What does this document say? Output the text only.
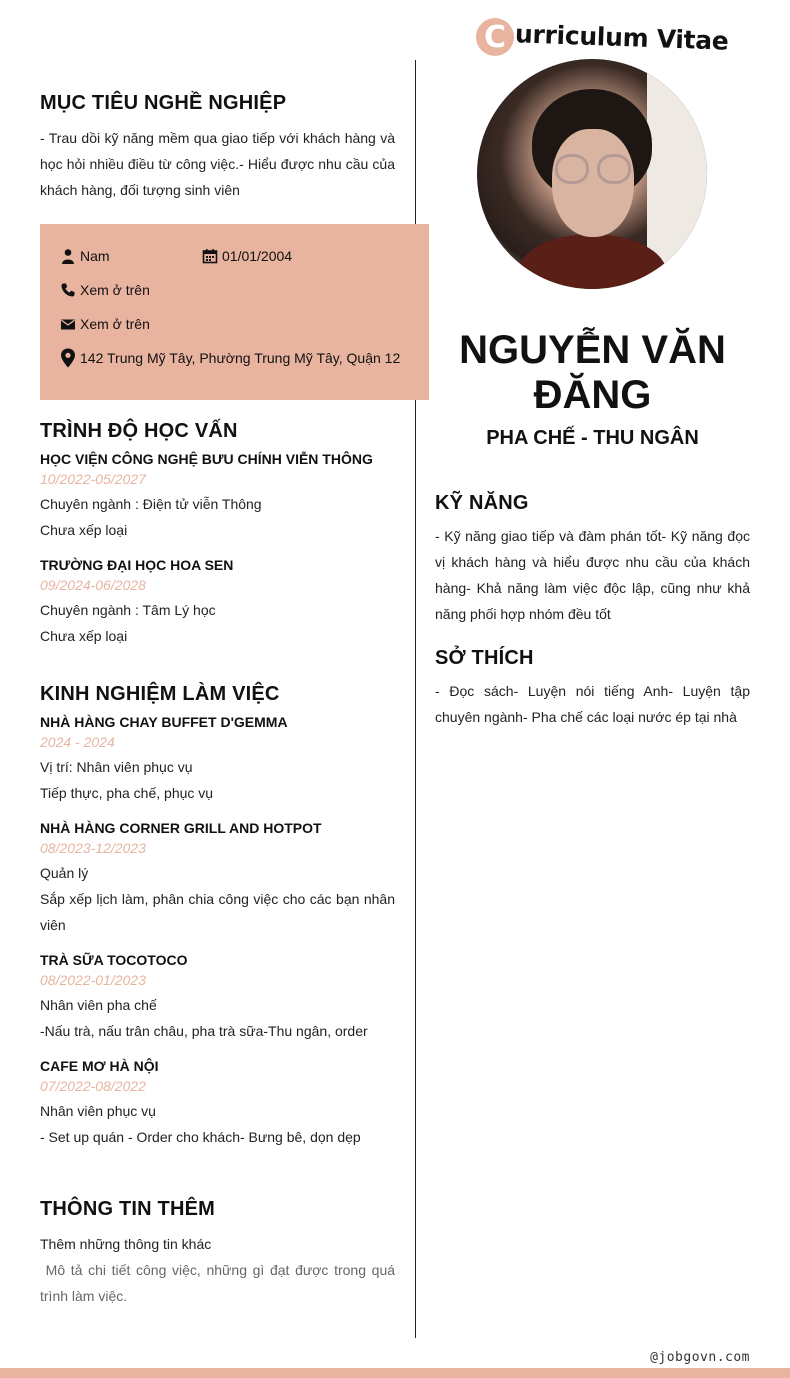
C urriculum Vitae
MỤC TIÊU NGHỀ NGHIỆP
- Trau dồi kỹ năng mềm qua giao tiếp với khách hàng và học hỏi nhiều điều từ công việc.- Hiểu được nhu cầu của khách hàng, đối tượng sinh viên
Nam	01/01/2004
Xem ở trên
Xem ở trên
142 Trung Mỹ Tây, Phường Trung Mỹ Tây, Quận 12
TRÌNH ĐỘ HỌC VẤN
HỌC VIỆN CÔNG NGHỆ BƯU CHÍNH VIỄN THÔNG
10/2022-05/2027
Chuyên ngành : Điện tử viễn Thông
Chưa xếp loại
TRƯỜNG ĐẠI HỌC HOA SEN
09/2024-06/2028
Chuyên ngành : Tâm Lý học
Chưa xếp loại
KINH NGHIỆM LÀM VIỆC
NHÀ HÀNG CHAY BUFFET D'GEMMA
2024 - 2024
Vị trí: Nhân viên phục vụ
Tiếp thực, pha chế, phục vụ
NHÀ HÀNG CORNER GRILL AND HOTPOT
08/2023-12/2023
Quản lý
Sắp xếp lịch làm, phân chia công việc cho các bạn nhân viên
TRÀ SỮA TOCOTOCO
08/2022-01/2023
Nhân viên pha chế
-Nấu trà, nấu trân châu, pha trà sữa-Thu ngân, order
CAFE MƠ HÀ NỘI
07/2022-08/2022
Nhân viên phục vụ
- Set up quán - Order cho khách- Bưng bê, dọn dẹp
THÔNG TIN THÊM
Thêm những thông tin khác
Mô tả chi tiết công việc, những gì đạt được trong quá trình làm việc.
NGUYỄN VĂN ĐĂNG
PHA CHẾ - THU NGÂN
KỸ NĂNG
- Kỹ năng giao tiếp và đàm phán tốt- Kỹ năng đọc vị khách hàng và hiểu được nhu cầu của khách hàng- Khả năng làm việc độc lập, cũng như khả năng phối hợp nhóm đều tốt
SỞ THÍCH
- Đọc sách- Luyện nói tiếng Anh- Luyện tập chuyên ngành- Pha chế các loại nước ép tại nhà
@jobgovn.com
